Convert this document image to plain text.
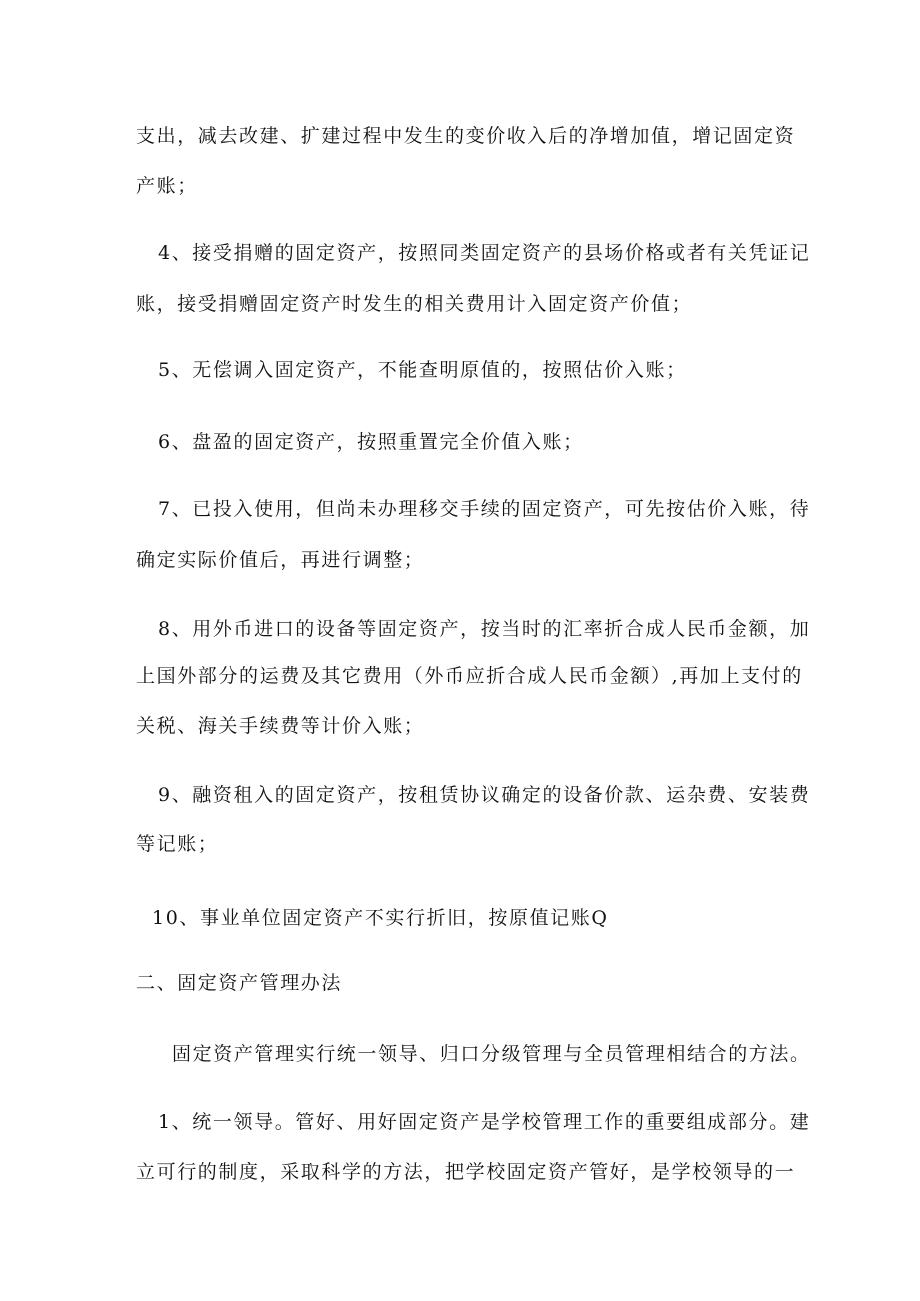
支出，减去改建、扩建过程中发生的变价收入后的净增加值，增记固定资
产账；
4、接受捐赠的固定资产，按照同类固定资产的县场价格或者有关凭证记
账，接受捐赠固定资产时发生的相关费用计入固定资产价值；
5、无偿调入固定资产，不能查明原值的，按照估价入账；
6、盘盈的固定资产，按照重置完全价值入账；
7、已投入使用，但尚未办理移交手续的固定资产，可先按估价入账，待
确定实际价值后，再进行调整；
8、用外币进口的设备等固定资产，按当时的汇率折合成人民币金额，加
上国外部分的运费及其它费用（外币应折合成人民币金额）,再加上支付的
关税、海关手续费等计价入账；
9、融资租入的固定资产，按租赁协议确定的设备价款、运杂费、安装费
等记账；
10、事业单位固定资产不实行折旧，按原值记账Q
二、固定资产管理办法
固定资产管理实行统一领导、归口分级管理与全员管理相结合的方法。
1、统一领导。管好、用好固定资产是学校管理工作的重要组成部分。建
立可行的制度，采取科学的方法，把学校固定资产管好，是学校领导的一
